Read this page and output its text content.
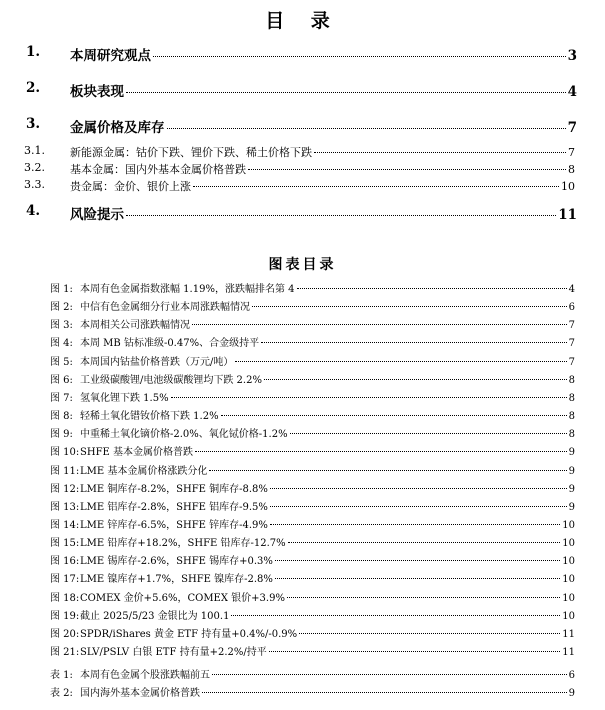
目 录
1. 本周研究观点	3
2. 板块表现	4
3. 金属价格及库存	7
3.1. 新能源金属：钴价下跌、锂价下跌、稀土价格下跌	7
3.2. 基本金属：国内外基本金属价格普跌	8
3.3. 贵金属：金价、银价上涨	10
4. 风险提示	11
图表目录
图 1: 本周有色金属指数涨幅 1.19%，涨跌幅排名第 4	4
图 2: 中信有色金属细分行业本周涨跌幅情况	6
图 3: 本周相关公司涨跌幅情况	7
图 4: 本周 MB 钴标准级-0.47%、合金级持平	7
图 5: 本周国内钴盐价格普跌（万元/吨）	7
图 6: 工业级碳酸锂/电池级碳酸锂均下跌 2.2%	8
图 7: 氢氧化锂下跌 1.5%	8
图 8: 轻稀土氧化镨钕价格下跌 1.2%	8
图 9: 中重稀土氧化镝价格-2.0%、氧化铽价格-1.2%	8
图 10: SHFE 基本金属价格普跌	9
图 11: LME 基本金属价格涨跌分化	9
图 12: LME 铜库存-8.2%，SHFE 铜库存-8.8%	9
图 13: LME 铝库存-2.8%，SHFE 铝库存-9.5%	9
图 14: LME 锌库存-6.5%，SHFE 锌库存-4.9%	10
图 15: LME 铅库存+18.2%，SHFE 铅库存-12.7%	10
图 16: LME 锡库存-2.6%，SHFE 锡库存+0.3%	10
图 17: LME 镍库存+1.7%，SHFE 镍库存-2.8%	10
图 18: COMEX 金价+5.6%，COMEX 银价+3.9%	10
图 19: 截止 2025/5/23 金银比为 100.1	10
图 20: SPDR/iShares 黄金 ETF 持有量+0.4%/-0.9%	11
图 21: SLV/PSLV 白银 ETF 持有量+2.2%/持平	11
表 1: 本周有色金属个股涨跌幅前五	6
表 2: 国内海外基本金属价格普跌	9
